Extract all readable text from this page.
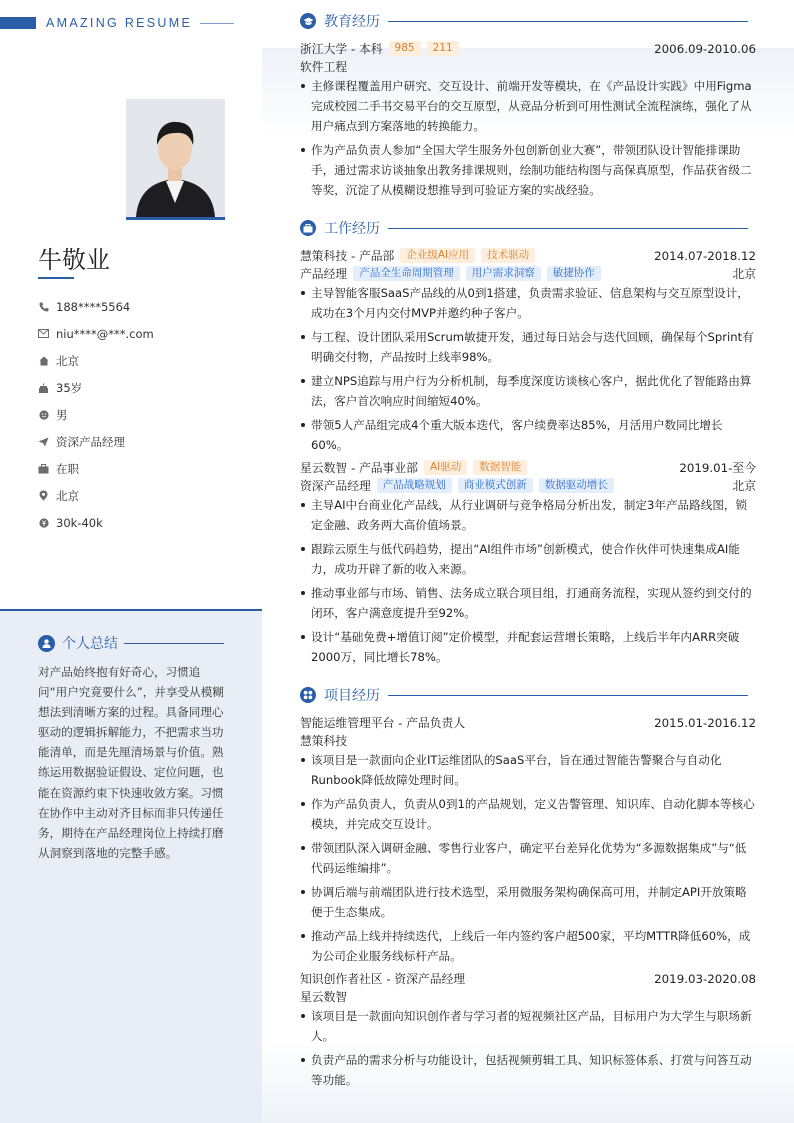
AMAZING RESUME
牛敬业
188****5564
niu****@***.com
北京
35岁
男
资深产品经理
在职
北京
30k-40k
个人总结
对产品始终抱有好奇心，习惯追问“用户究竟要什么”，并享受从模糊想法到清晰方案的过程。具备同理心驱动的逻辑拆解能力，不把需求当功能清单，而是先厘清场景与价值。熟练运用数据验证假设、定位问题，也能在资源约束下快速收敛方案。习惯在协作中主动对齐目标而非只传递任务，期待在产品经理岗位上持续打磨从洞察到落地的完整手感。
教育经历
浙江大学 - 本科	985	211	2006.09-2010.06
软件工程
主修课程覆盖用户研究、交互设计、前端开发等模块，在《产品设计实践》中用Figma完成校园二手书交易平台的交互原型，从竞品分析到可用性测试全流程演练，强化了从用户痛点到方案落地的转换能力。
作为产品负责人参加“全国大学生服务外包创新创业大赛”，带领团队设计智能排课助手，通过需求访谈抽象出教务排课规则，绘制功能结构图与高保真原型，作品获省级二等奖，沉淀了从模糊设想推导到可验证方案的实战经验。
工作经历
慧策科技 - 产品部	企业级AI应用	技术驱动	2014.07-2018.12
产品经理	产品全生命周期管理	用户需求洞察	敏捷协作	北京
主导智能客服SaaS产品线的从0到1搭建，负责需求验证、信息架构与交互原型设计，成功在3个月内交付MVP并邀约种子客户。
与工程、设计团队采用Scrum敏捷开发，通过每日站会与迭代回顾，确保每个Sprint有明确交付物，产品按时上线率98%。
建立NPS追踪与用户行为分析机制，每季度深度访谈核心客户，据此优化了智能路由算法，客户首次响应时间缩短40%。
带领5人产品组完成4个重大版本迭代，客户续费率达85%，月活用户数同比增长60%。
星云数智 - 产品事业部	AI驱动	数据智能	2019.01-至今
资深产品经理	产品战略规划	商业模式创新	数据驱动增长	北京
主导AI中台商业化产品线，从行业调研与竞争格局分析出发，制定3年产品路线图，锁定金融、政务两大高价值场景。
跟踪云原生与低代码趋势，提出“AI组件市场”创新模式，使合作伙伴可快速集成AI能力，成功开辟了新的收入来源。
推动事业部与市场、销售、法务成立联合项目组，打通商务流程，实现从签约到交付的闭环，客户满意度提升至92%。
设计“基础免费+增值订阅”定价模型，并配套运营增长策略，上线后半年内ARR突破2000万，同比增长78%。
项目经历
智能运维管理平台 - 产品负责人	2015.01-2016.12
慧策科技
该项目是一款面向企业IT运维团队的SaaS平台，旨在通过智能告警聚合与自动化Runbook降低故障处理时间。
作为产品负责人，负责从0到1的产品规划，定义告警管理、知识库、自动化脚本等核心模块，并完成交互设计。
带领团队深入调研金融、零售行业客户，确定平台差异化优势为“多源数据集成”与“低代码运维编排”。
协调后端与前端团队进行技术选型，采用微服务架构确保高可用，并制定API开放策略便于生态集成。
推动产品上线并持续迭代，上线后一年内签约客户超500家，平均MTTR降低60%，成为公司企业服务线标杆产品。
知识创作者社区 - 资深产品经理	2019.03-2020.08
星云数智
该项目是一款面向知识创作者与学习者的短视频社区产品，目标用户为大学生与职场新人。
负责产品的需求分析与功能设计，包括视频剪辑工具、知识标签体系、打赏与问答互动等功能。
